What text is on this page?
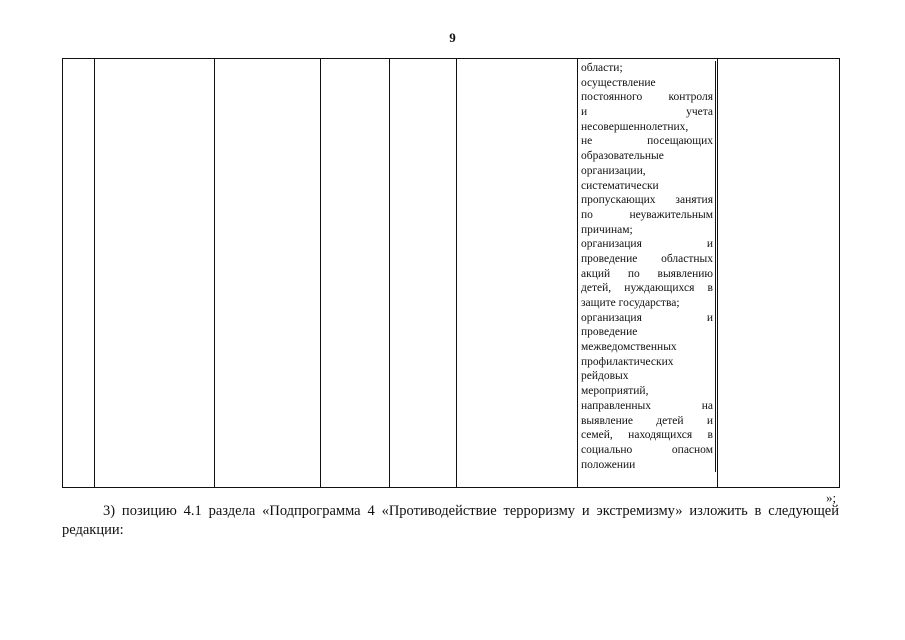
9

области;
осуществление
постоянного контроля
и учета
несовершеннолетних,
не посещающих
образовательные
организации,
систематически
пропускающих занятия
по неуважительным
причинам;
организация и
проведение областных
акций по выявлению
детей, нуждающихся в
защите государства;
организация и
проведение
межведомственных
профилактических
рейдовых
мероприятий,
направленных на
выявление детей и
семей, находящихся в
социально опасном
положении

»;
3) позицию 4.1 раздела «Подпрограмма 4 «Противодействие терроризму и экстремизму» изложить в следующей
редакции:
